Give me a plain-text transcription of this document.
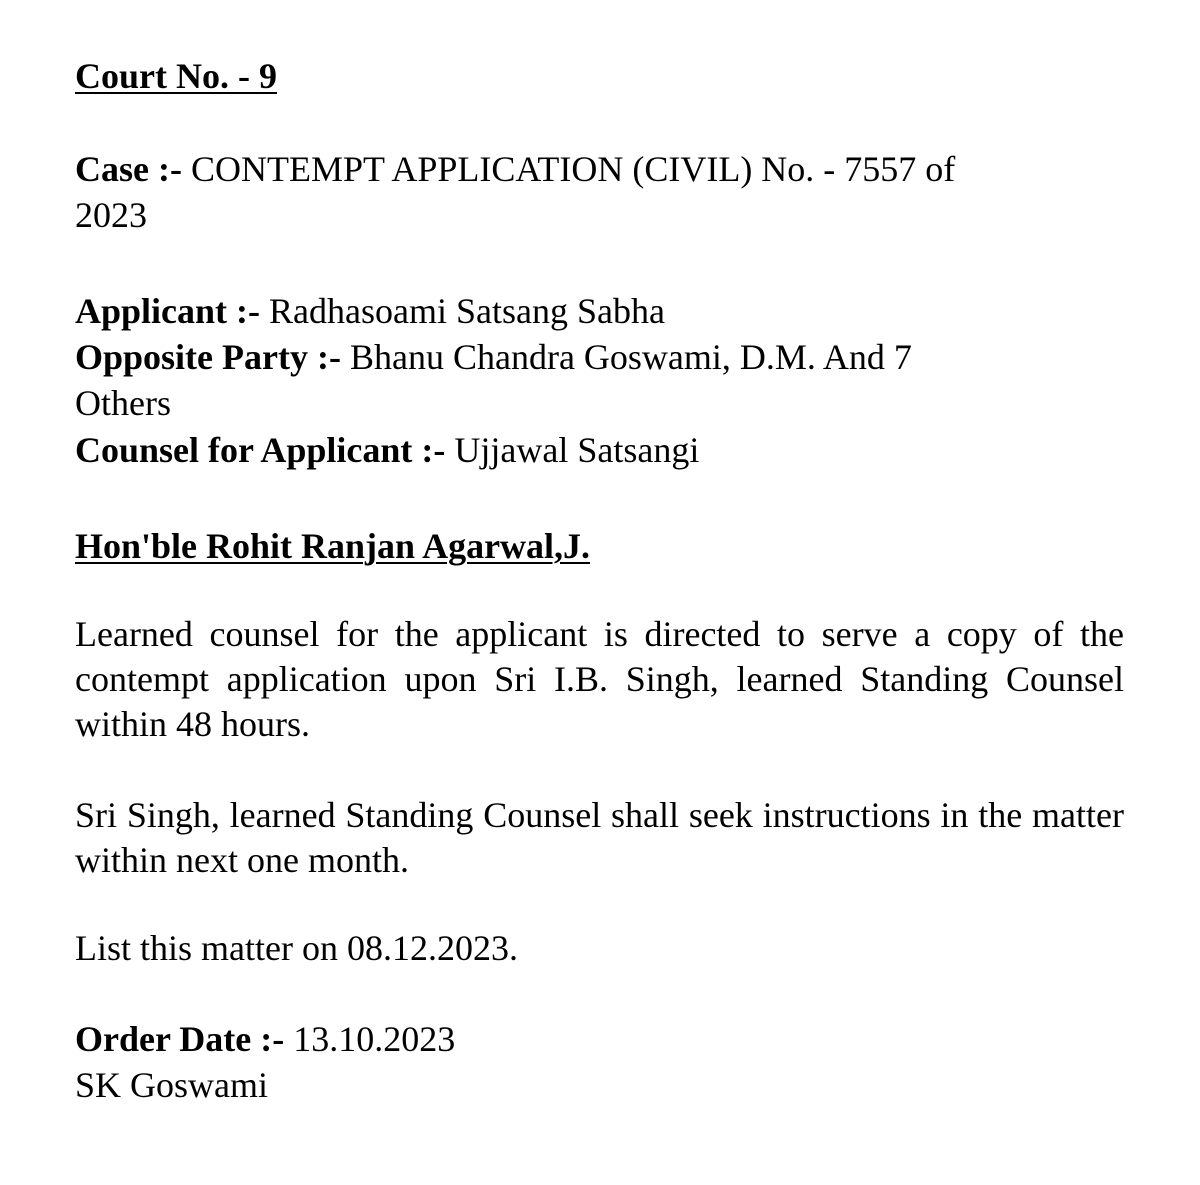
Court No. - 9
Case :- CONTEMPT APPLICATION (CIVIL) No. - 7557 of
2023
Applicant :- Radhasoami Satsang Sabha
Opposite Party :- Bhanu Chandra Goswami, D.M. And 7
Others
Counsel for Applicant :- Ujjawal Satsangi
Hon'ble Rohit Ranjan Agarwal,J.
Learned counsel for the applicant is directed to serve a copy of the contempt application upon Sri I.B. Singh, learned Standing Counsel within 48 hours.
Sri Singh, learned Standing Counsel shall seek instructions in the matter within next one month.
List this matter on 08.12.2023.
Order Date :- 13.10.2023
SK Goswami
